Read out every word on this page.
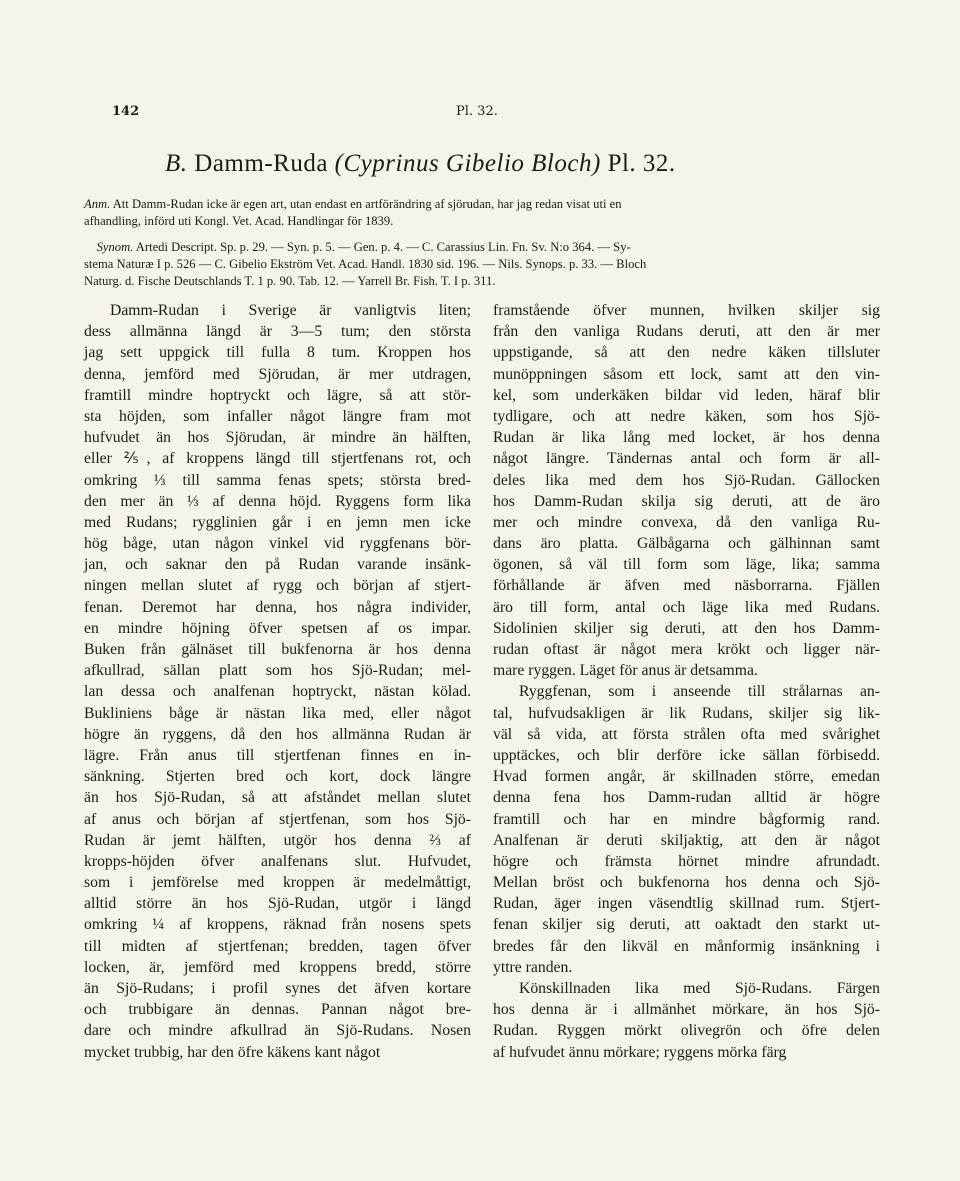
142	Pl. 32.
B. Damm-Ruda (Cyprinus Gibelio Bloch) Pl. 32.
Anm. Att Damm-Rudan icke är egen art, utan endast en artförändring af sjörudan, har jag redan visat uti en
afhandling, införd uti Kongl. Vet. Acad. Handlingar för 1839.
Synom. Artedi Descript. Sp. p. 29. — Syn. p. 5. — Gen. p. 4. — C. Carassius Lin. Fn. Sv. N:o 364. — Sy-
stema Naturæ I p. 526 — C. Gibelio Ekström Vet. Acad. Handl. 1830 sid. 196. — Nils. Synops. p. 33. — Bloch
Naturg. d. Fische Deutschlands T. 1 p. 90. Tab. 12. — Yarrell Br. Fish. T. I p. 311.
Damm-Rudan i Sverige är vanligtvis liten;
dess allmänna längd är 3—5 tum; den största
jag sett uppgick till fulla 8 tum. Kroppen hos
denna, jemförd med Sjörudan, är mer utdragen,
framtill mindre hoptryckt och lägre, så att stör-
sta höjden, som infaller något längre fram mot
hufvudet än hos Sjörudan, är mindre än hälften,
eller ⅖, af kroppens längd till stjertfenans rot, och
omkring ⅓ till samma fenas spets; största bred-
den mer än ⅓ af denna höjd. Ryggens form lika
med Rudans; rygglinien går i en jemn men icke
hög båge, utan någon vinkel vid ryggfenans bör-
jan, och saknar den på Rudan varande insänk-
ningen mellan slutet af rygg och början af stjert-
fenan. Deremot har denna, hos några individer,
en mindre höjning öfver spetsen af os impar.
Buken från gälnäset till bukfenorna är hos denna
afkullrad, sällan platt som hos Sjö-Rudan; mel-
lan dessa och analfenan hoptryckt, nästan kölad.
Bukliniens båge är nästan lika med, eller något
högre än ryggens, då den hos allmänna Rudan är
lägre. Från anus till stjertfenan finnes en in-
sänkning. Stjerten bred och kort, dock längre
än hos Sjö-Rudan, så att afståndet mellan slutet
af anus och början af stjertfenan, som hos Sjö-
Rudan är jemt hälften, utgör hos denna ⅔ af
kropps-höjden öfver analfenans slut. Hufvudet,
som i jemförelse med kroppen är medelmåttigt,
alltid större än hos Sjö-Rudan, utgör i längd
omkring ¼ af kroppens, räknad från nosens spets
till midten af stjertfenan; bredden, tagen öfver
locken, är, jemförd med kroppens bredd, större
än Sjö-Rudans; i profil synes det äfven kortare
och trubbigare än dennas. Pannan något bre-
dare och mindre afkullrad än Sjö-Rudans. Nosen
mycket trubbig, har den öfre käkens kant något
framstående öfver munnen, hvilken skiljer sig
från den vanliga Rudans deruti, att den är mer
uppstigande, så att den nedre käken tillsluter
munöppningen såsom ett lock, samt att den vin-
kel, som underkäken bildar vid leden, häraf blir
tydligare, och att nedre käken, som hos Sjö-
Rudan är lika lång med locket, är hos denna
något längre. Tändernas antal och form är all-
deles lika med dem hos Sjö-Rudan. Gällocken
hos Damm-Rudan skilja sig deruti, att de äro
mer och mindre convexa, då den vanliga Ru-
dans äro platta. Gälbågarna och gälhinnan samt
ögonen, så väl till form som läge, lika; samma
förhållande är äfven med näsborrarna. Fjällen
äro till form, antal och läge lika med Rudans.
Sidolinien skiljer sig deruti, att den hos Damm-
rudan oftast är något mera krökt och ligger när-
mare ryggen. Läget för anus är detsamma.
Ryggfenan, som i anseende till strålarnas an-
tal, hufvudsakligen är lik Rudans, skiljer sig lik-
väl så vida, att första strålen ofta med svårighet
upptäckes, och blir derföre icke sällan förbisedd.
Hvad formen angår, är skillnaden större, emedan
denna fena hos Damm-rudan alltid är högre
framtill och har en mindre bågformig rand.
Analfenan är deruti skiljaktig, att den är något
högre och främsta hörnet mindre afrundadt.
Mellan bröst och bukfenorna hos denna och Sjö-
Rudan, äger ingen väsendtlig skillnad rum. Stjert-
fenan skiljer sig deruti, att oaktadt den starkt ut-
bredes får den likväl en månformig insänkning i
yttre randen.
Könskillnaden lika med Sjö-Rudans. Färgen
hos denna är i allmänhet mörkare, än hos Sjö-
Rudan. Ryggen mörkt olivegrön och öfre delen
af hufvudet ännu mörkare; ryggens mörka färg
